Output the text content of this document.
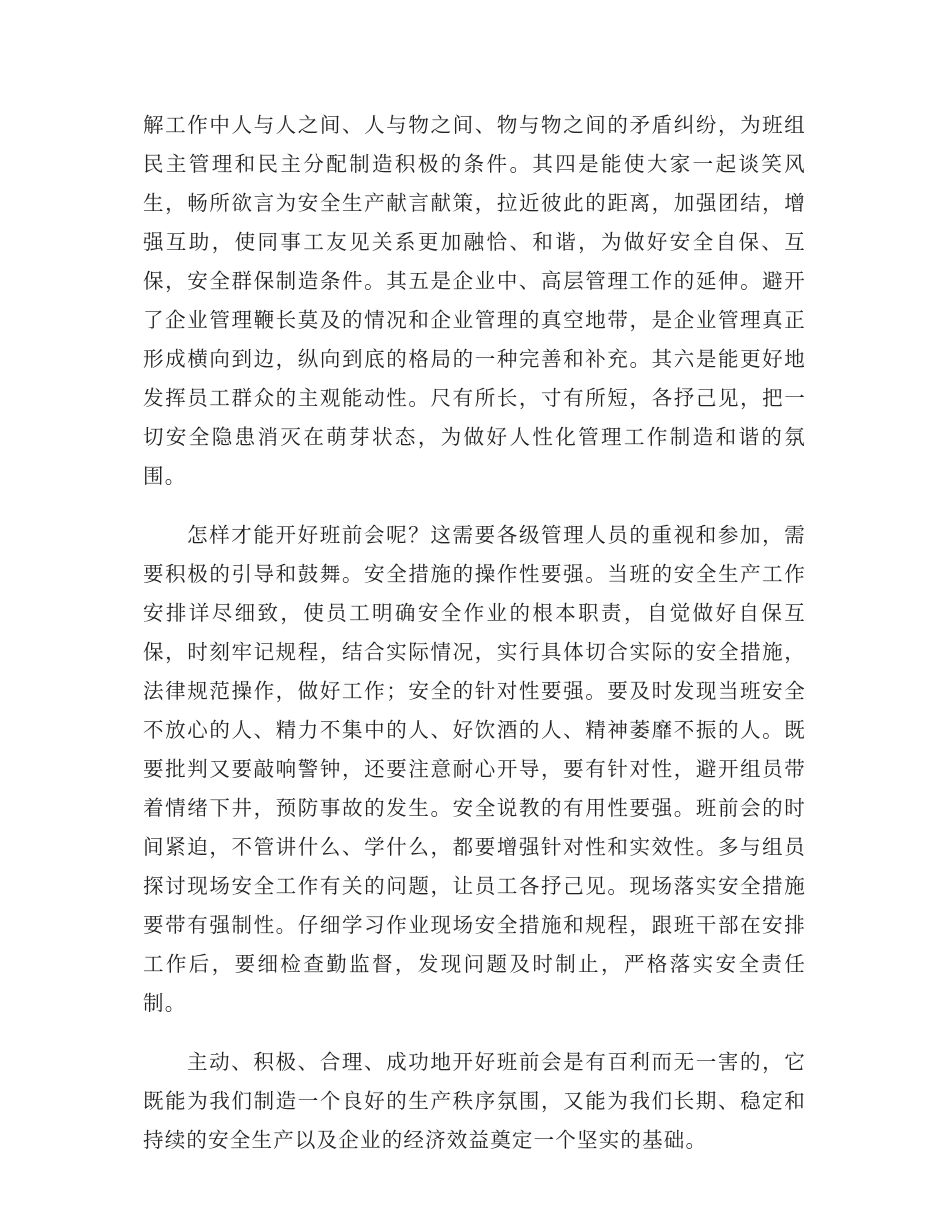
解工作中人与人之间、人与物之间、物与物之间的矛盾纠纷，为班组民主管理和民主分配制造积极的条件。其四是能使大家一起谈笑风生，畅所欲言为安全生产献言献策，拉近彼此的距离，加强团结，增强互助，使同事工友见关系更加融恰、和谐，为做好安全自保、互保，安全群保制造条件。其五是企业中、高层管理工作的延伸。避开了企业管理鞭长莫及的情况和企业管理的真空地带，是企业管理真正形成横向到边，纵向到底的格局的一种完善和补充。其六是能更好地发挥员工群众的主观能动性。尺有所长，寸有所短，各抒己见，把一切安全隐患消灭在萌芽状态，为做好人性化管理工作制造和谐的氛围。

怎样才能开好班前会呢？这需要各级管理人员的重视和参加，需要积极的引导和鼓舞。安全措施的操作性要强。当班的安全生产工作安排详尽细致，使员工明确安全作业的根本职责，自觉做好自保互保，时刻牢记规程，结合实际情况，实行具体切合实际的安全措施，法律规范操作，做好工作；安全的针对性要强。要及时发现当班安全不放心的人、精力不集中的人、好饮酒的人、精神萎靡不振的人。既要批判又要敲响警钟，还要注意耐心开导，要有针对性，避开组员带着情绪下井，预防事故的发生。安全说教的有用性要强。班前会的时间紧迫，不管讲什么、学什么，都要增强针对性和实效性。多与组员探讨现场安全工作有关的问题，让员工各抒己见。现场落实安全措施要带有强制性。仔细学习作业现场安全措施和规程，跟班干部在安排工作后，要细检查勤监督，发现问题及时制止，严格落实安全责任制。

主动、积极、合理、成功地开好班前会是有百利而无一害的，它既能为我们制造一个良好的生产秩序氛围，又能为我们长期、稳定和持续的安全生产以及企业的经济效益奠定一个坚实的基础。
